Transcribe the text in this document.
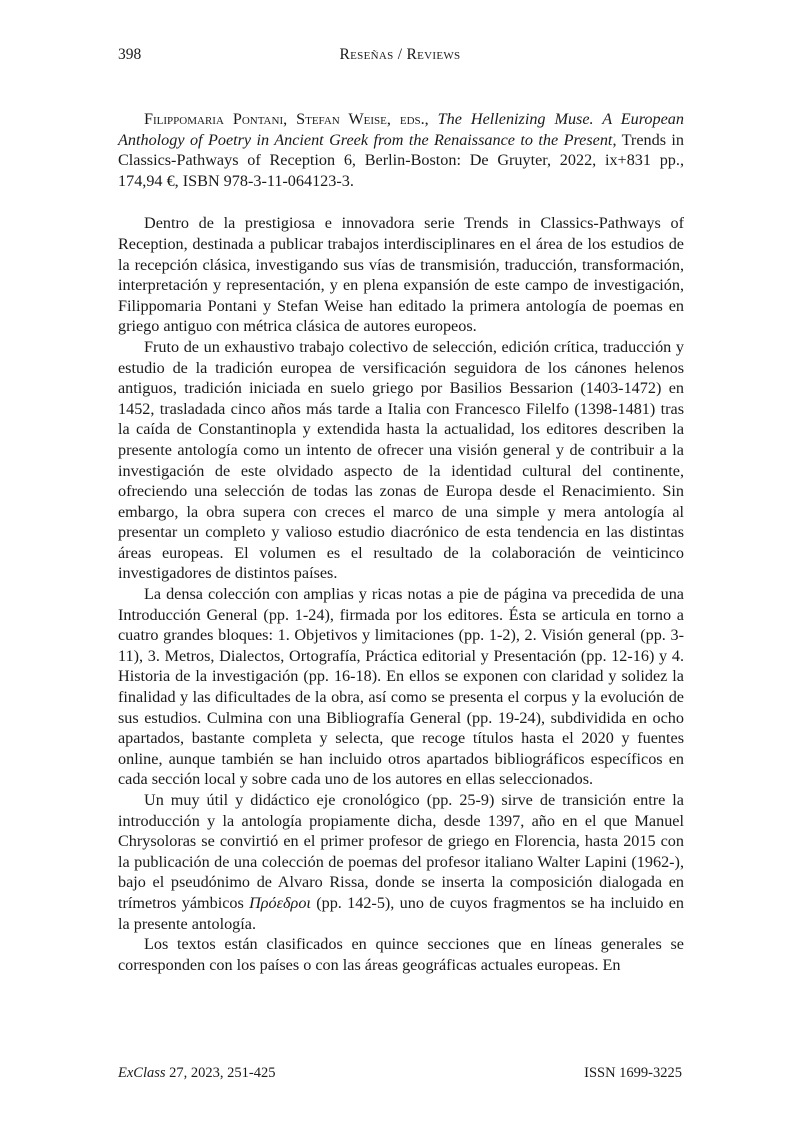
398	Reseñas / Reviews

Filippomaria Pontani, Stefan Weise, eds., The Hellenizing Muse. A European Anthology of Poetry in Ancient Greek from the Renaissance to the Present, Trends in Classics-Pathways of Reception 6, Berlin-Boston: De Gruyter, 2022, ix+831 pp., 174,94 €, ISBN 978-3-11-064123-3.

Dentro de la prestigiosa e innovadora serie Trends in Classics-Pathways of Reception, destinada a publicar trabajos interdisciplinares en el área de los estudios de la recepción clásica, investigando sus vías de transmisión, traducción, transformación, interpretación y representación, y en plena expansión de este campo de investigación, Filippomaria Pontani y Stefan Weise han editado la primera antología de poemas en griego antiguo con métrica clásica de autores europeos.

Fruto de un exhaustivo trabajo colectivo de selección, edición crítica, traducción y estudio de la tradición europea de versificación seguidora de los cánones helenos antiguos, tradición iniciada en suelo griego por Basilios Bessarion (1403-1472) en 1452, trasladada cinco años más tarde a Italia con Francesco Filelfo (1398-1481) tras la caída de Constantinopla y extendida hasta la actualidad, los editores describen la presente antología como un intento de ofrecer una visión general y de contribuir a la investigación de este olvidado aspecto de la identidad cultural del continente, ofreciendo una selección de todas las zonas de Europa desde el Renacimiento. Sin embargo, la obra supera con creces el marco de una simple y mera antología al presentar un completo y valioso estudio diacrónico de esta tendencia en las distintas áreas europeas. El volumen es el resultado de la colaboración de veinticinco investigadores de distintos países.

La densa colección con amplias y ricas notas a pie de página va precedida de una Introducción General (pp. 1-24), firmada por los editores. Ésta se articula en torno a cuatro grandes bloques: 1. Objetivos y limitaciones (pp. 1-2), 2. Visión general (pp. 3-11), 3. Metros, Dialectos, Ortografía, Práctica editorial y Presentación (pp. 12-16) y 4. Historia de la investigación (pp. 16-18). En ellos se exponen con claridad y solidez la finalidad y las dificultades de la obra, así como se presenta el corpus y la evolución de sus estudios. Culmina con una Bibliografía General (pp. 19-24), subdividida en ocho apartados, bastante completa y selecta, que recoge títulos hasta el 2020 y fuentes online, aunque también se han incluido otros apartados bibliográficos específicos en cada sección local y sobre cada uno de los autores en ellas seleccionados.

Un muy útil y didáctico eje cronológico (pp. 25-9) sirve de transición entre la introducción y la antología propiamente dicha, desde 1397, año en el que Manuel Chrysoloras se convirtió en el primer profesor de griego en Florencia, hasta 2015 con la publicación de una colección de poemas del profesor italiano Walter Lapini (1962-), bajo el pseudónimo de Alvaro Rissa, donde se inserta la composición dialogada en trímetros yámbicos Πρόεδροι (pp. 142-5), uno de cuyos fragmentos se ha incluido en la presente antología.

Los textos están clasificados en quince secciones que en líneas generales se corresponden con los países o con las áreas geográficas actuales europeas. En

ExClass 27, 2023, 251-425	ISSN 1699-3225
